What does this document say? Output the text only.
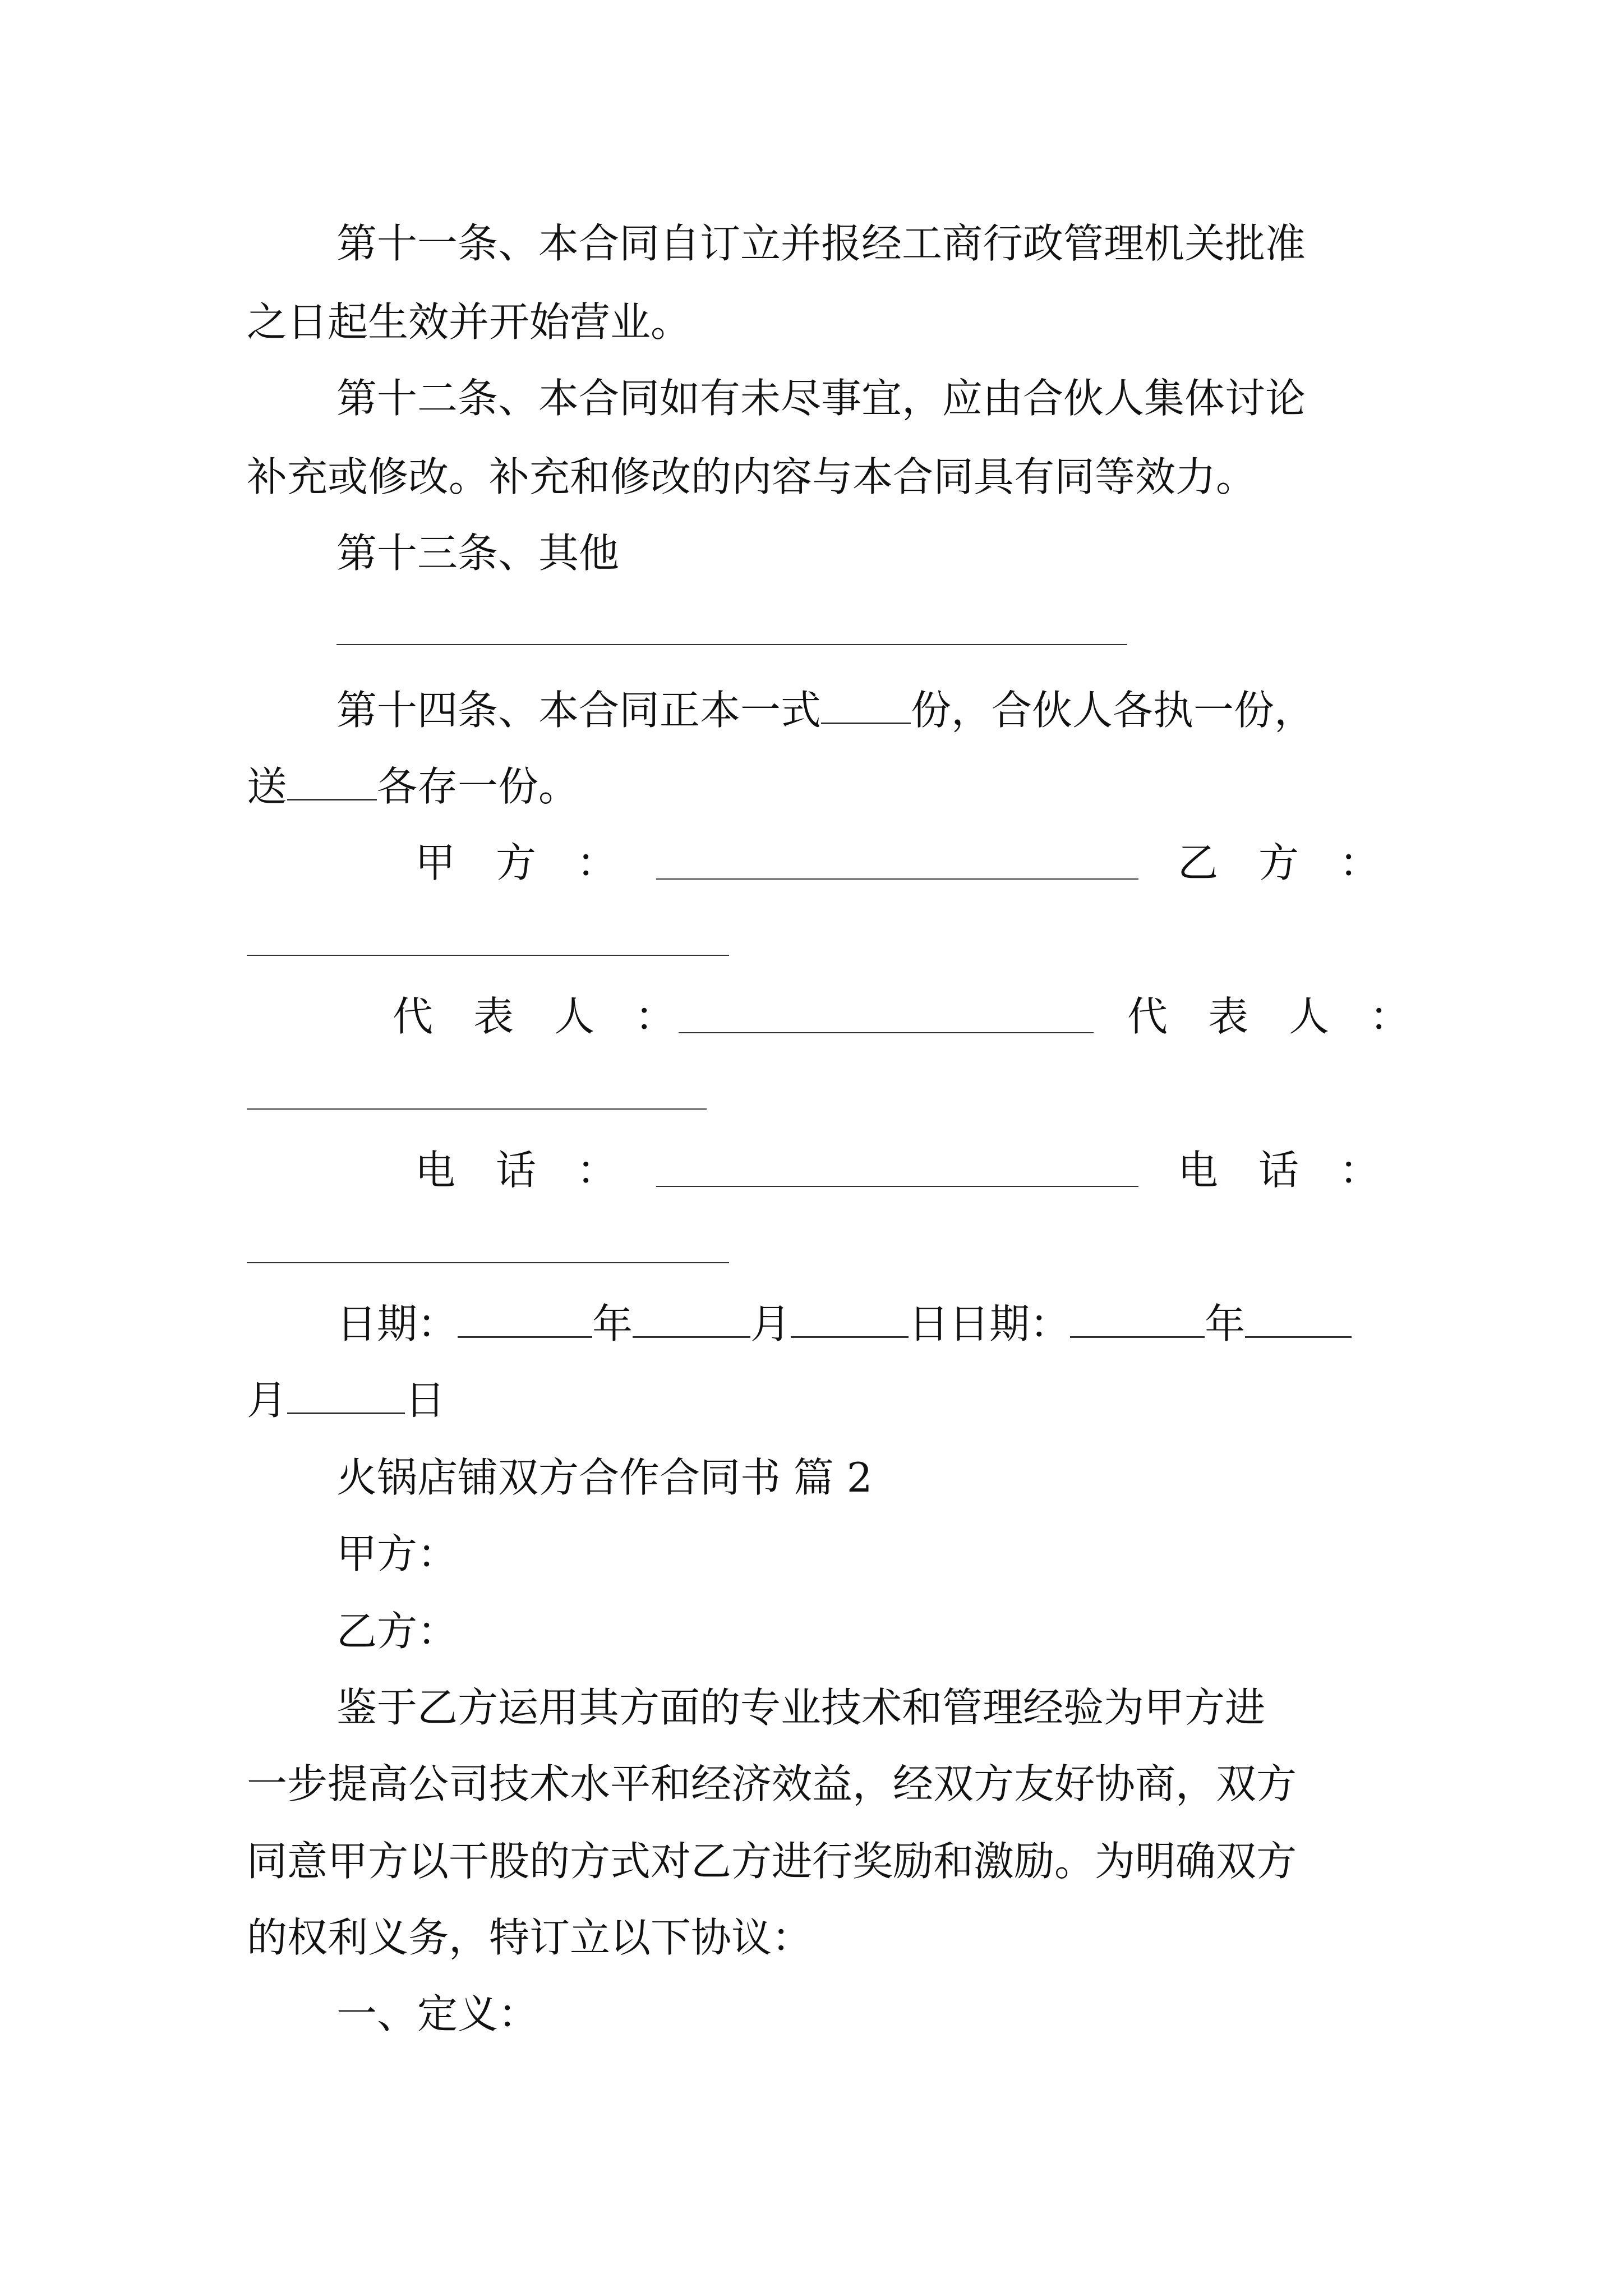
第十一条、本合同自订立并报经工商行政管理机关批准
之日起生效并开始营业。
第十二条、本合同如有未尽事宜，应由合伙人集体讨论
补充或修改。补充和修改的内容与本合同具有同等效力。
第十三条、其他
第十四条、本合同正本一式 份，合伙人各执一份，
送 各存一份。
甲　方　：	乙　方　：
代　表　人　：	代　表　人　：
电　话　：	电　话　：
日期：	年	月	日日期：	年
月	日
火锅店铺双方合作合同书 篇 2
甲方：
乙方：
鉴于乙方运用其方面的专业技术和管理经验为甲方进
一步提高公司技术水平和经济效益，经双方友好协商，双方
同意甲方以干股的方式对乙方进行奖励和激励。为明确双方
的权利义务，特订立以下协议：
一、定义：
